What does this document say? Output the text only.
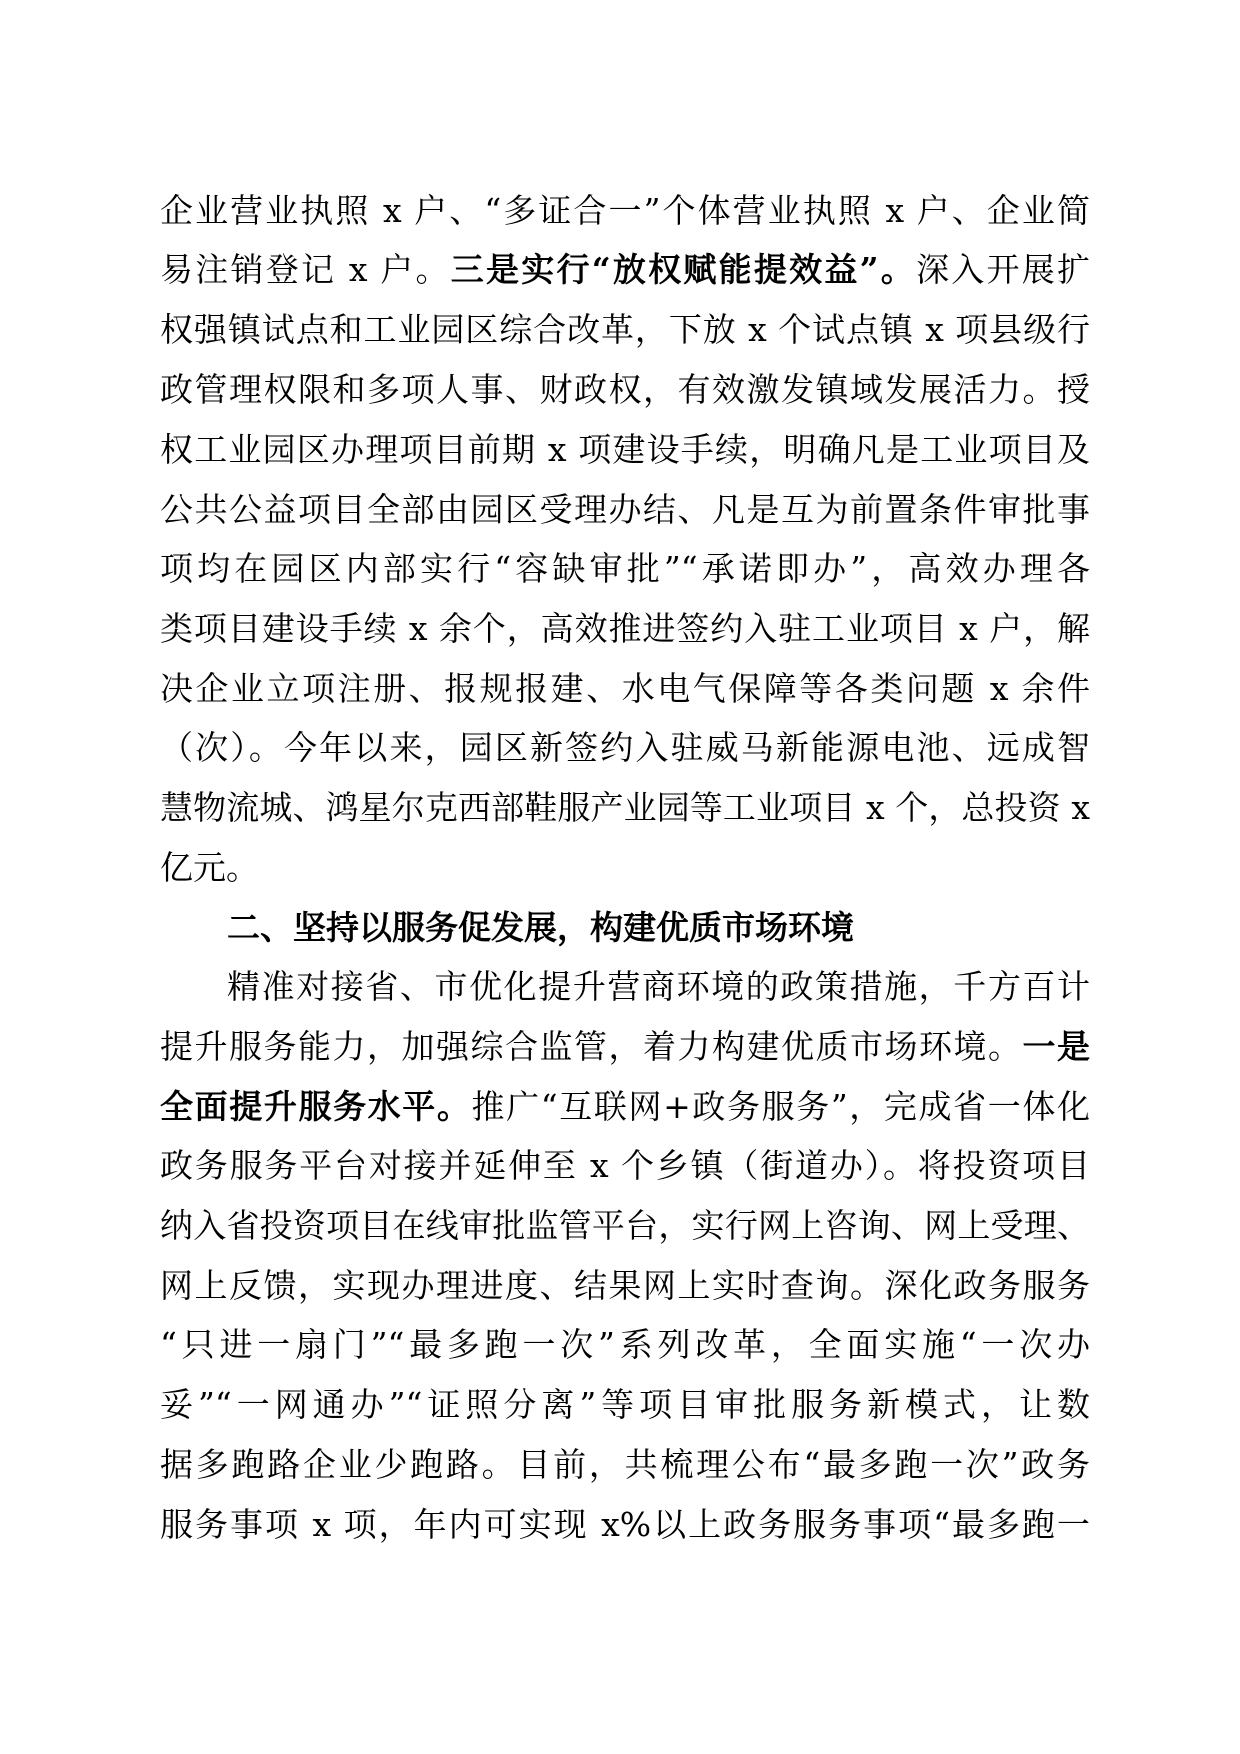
企业营业执照 x 户、“多证合一”个体营业执照 x 户、企业简
易注销登记 x 户。三是实行“放权赋能提效益”。深入开展扩
权强镇试点和工业园区综合改革，下放 x 个试点镇 x 项县级行
政管理权限和多项人事、财政权，有效激发镇域发展活力。授
权工业园区办理项目前期 x 项建设手续，明确凡是工业项目及
公共公益项目全部由园区受理办结、凡是互为前置条件审批事
项均在园区内部实行“容缺审批”“承诺即办”，高效办理各
类项目建设手续 x 余个，高效推进签约入驻工业项目 x 户，解
决企业立项注册、报规报建、水电气保障等各类问题 x 余件
（次）。今年以来，园区新签约入驻威马新能源电池、远成智
慧物流城、鸿星尔克西部鞋服产业园等工业项目 x 个，总投资 x
亿元。
二、坚持以服务促发展，构建优质市场环境
精准对接省、市优化提升营商环境的政策措施，千方百计
提升服务能力，加强综合监管，着力构建优质市场环境。一是
全面提升服务水平。推广“互联网+政务服务”，完成省一体化
政务服务平台对接并延伸至 x 个乡镇（街道办）。将投资项目
纳入省投资项目在线审批监管平台，实行网上咨询、网上受理、
网上反馈，实现办理进度、结果网上实时查询。深化政务服务
“只进一扇门”“最多跑一次”系列改革，全面实施“一次办
妥”“一网通办”“证照分离”等项目审批服务新模式，让数
据多跑路企业少跑路。目前，共梳理公布“最多跑一次”政务
服务事项 x 项，年内可实现 x%以上政务服务事项“最多跑一
